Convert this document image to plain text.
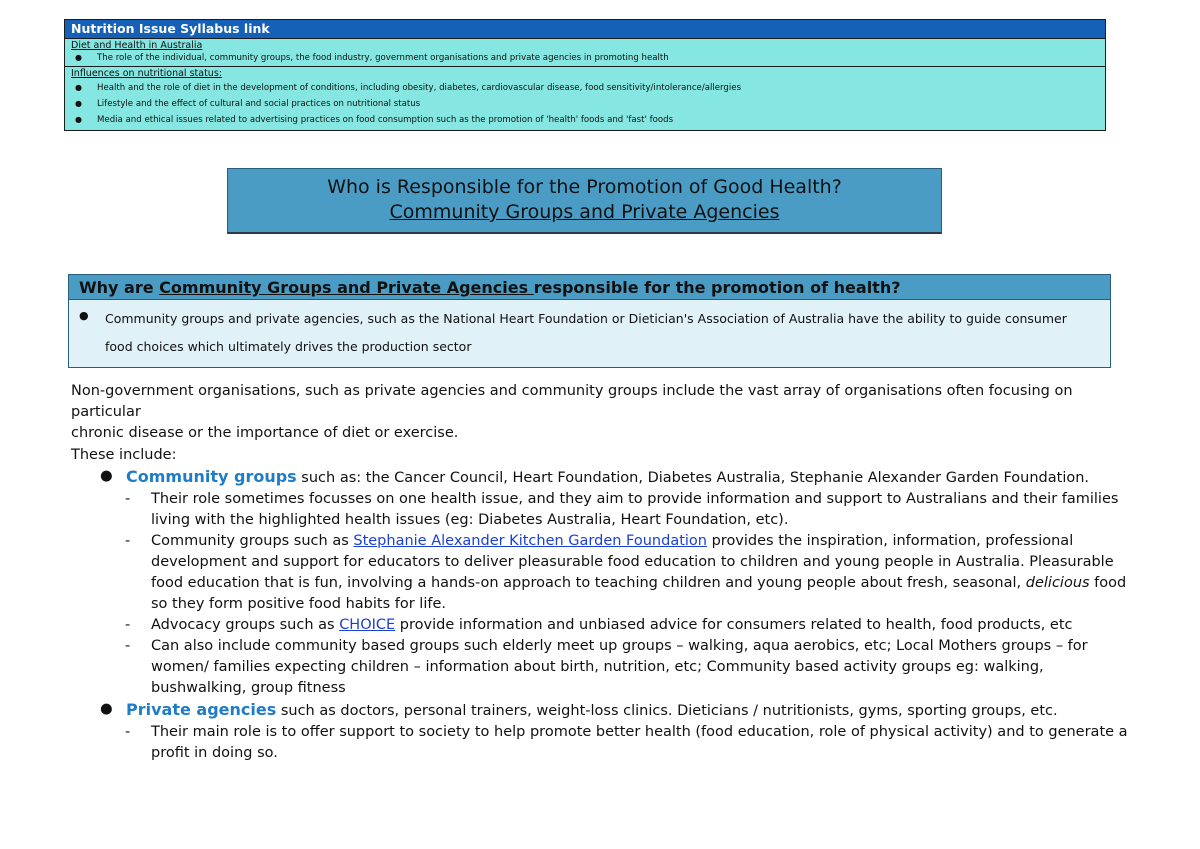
Nutrition Issue Syllabus link
Diet and Health in Australia
● The role of the individual, community groups, the food industry, government organisations and private agencies in promoting health
Influences on nutritional status:
● Health and the role of diet in the development of conditions, including obesity, diabetes, cardiovascular disease, food sensitivity/intolerance/allergies
● Lifestyle and the effect of cultural and social practices on nutritional status
● Media and ethical issues related to advertising practices on food consumption such as the promotion of 'health' foods and 'fast' foods
Who is Responsible for the Promotion of Good Health?
Community Groups and Private Agencies
Why are Community Groups and Private Agencies responsible for the promotion of health?
● Community groups and private agencies, such as the National Heart Foundation or Dietician's Association of Australia have the ability to guide consumer
food choices which ultimately drives the production sector
Non-government organisations, such as private agencies and community groups include the vast array of organisations often focusing on particular
chronic disease or the importance of diet or exercise.
These include:
● Community groups such as: the Cancer Council, Heart Foundation, Diabetes Australia, Stephanie Alexander Garden Foundation.
- Their role sometimes focusses on one health issue, and they aim to provide information and support to Australians and their families
living with the highlighted health issues (eg: Diabetes Australia, Heart Foundation, etc).
- Community groups such as Stephanie Alexander Kitchen Garden Foundation provides the inspiration, information, professional
development and support for educators to deliver pleasurable food education to children and young people in Australia. Pleasurable
food education that is fun, involving a hands-on approach to teaching children and young people about fresh, seasonal, delicious food
so they form positive food habits for life.
- Advocacy groups such as CHOICE provide information and unbiased advice for consumers related to health, food products, etc
- Can also include community based groups such elderly meet up groups – walking, aqua aerobics, etc; Local Mothers groups – for
women/ families expecting children – information about birth, nutrition, etc; Community based activity groups eg: walking,
bushwalking, group fitness
● Private agencies such as doctors, personal trainers, weight-loss clinics. Dieticians / nutritionists, gyms, sporting groups, etc.
- Their main role is to offer support to society to help promote better health (food education, role of physical activity) and to generate a
profit in doing so.
